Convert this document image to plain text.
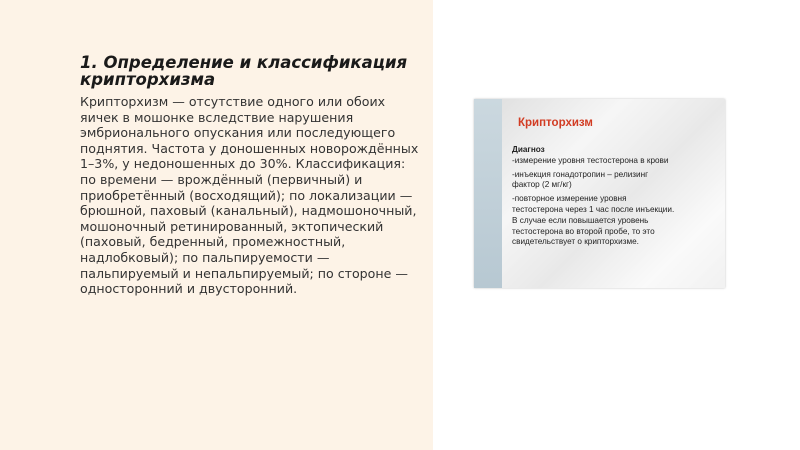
1. Определение и классификация крипторхизма

Крипторхизм — отсутствие одного или обоих яичек в мошонке вследствие нарушения эмбрионального опускания или последующего поднятия. Частота у доношенных новорождённых 1–3%, у недоношенных до 30%. Классификация: по времени — врождённый (первичный) и приобретённый (восходящий); по локализации — брюшной, паховый (канальный), надмошоночный, мошоночный ретинированный, эктопический (паховый, бедренный, промежностный, надлобковый); по пальпируемости — пальпируемый и непальпируемый; по стороне — односторонний и двусторонний.

Крипторхизм

Диагноз

-измерение уровня тестостерона в крови

-инъекция гонадотропин – релизинг

фактор (2 мг/кг)

-повторное измерение уровня

тестостерона через 1 час после инъекции.

В случае если повышается уровень

тестостерона во второй пробе, то это

свидетельствует о крипторхизме.
